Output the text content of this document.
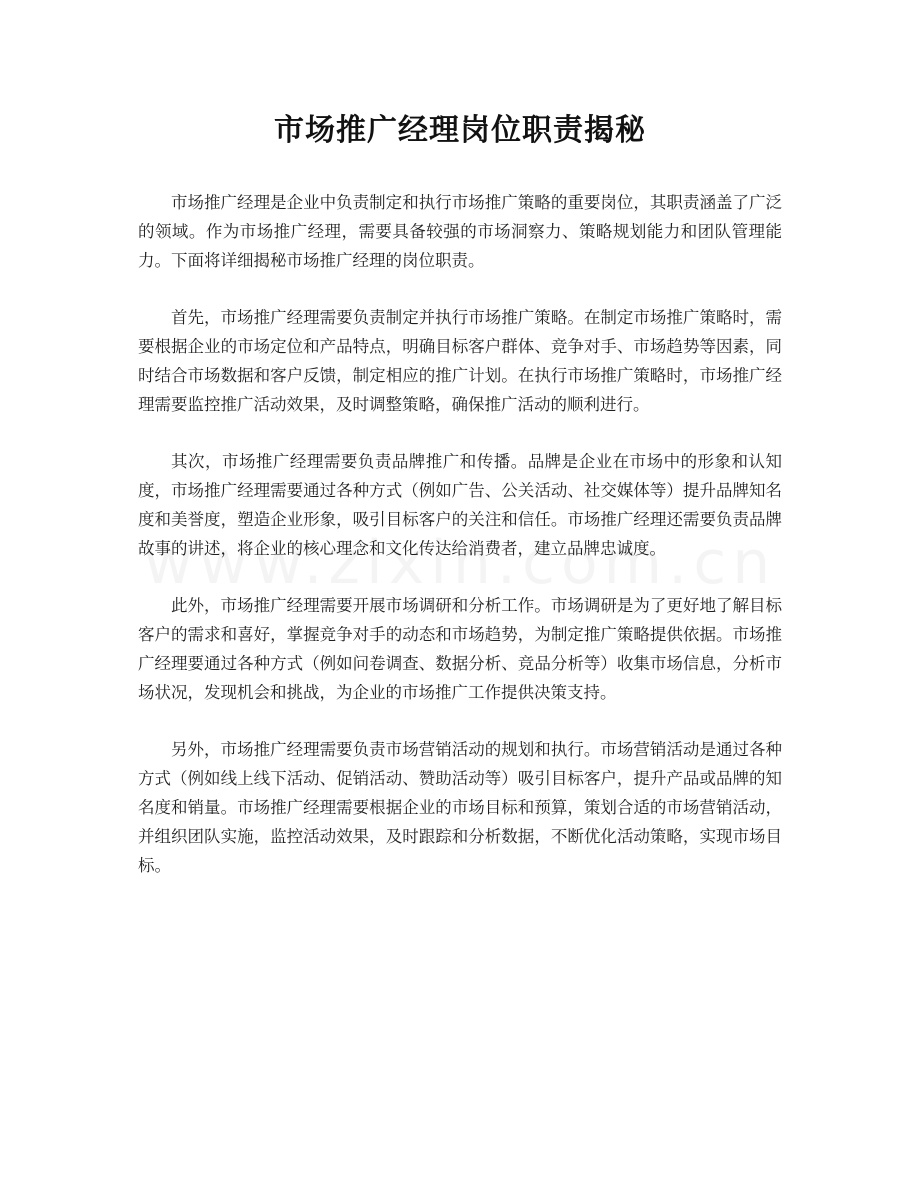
市场推广经理岗位职责揭秘

市场推广经理是企业中负责制定和执行市场推广策略的重要岗位，其职责涵盖了广泛的领域。作为市场推广经理，需要具备较强的市场洞察力、策略规划能力和团队管理能力。下面将详细揭秘市场推广经理的岗位职责。

首先，市场推广经理需要负责制定并执行市场推广策略。在制定市场推广策略时，需要根据企业的市场定位和产品特点，明确目标客户群体、竞争对手、市场趋势等因素，同时结合市场数据和客户反馈，制定相应的推广计划。在执行市场推广策略时，市场推广经理需要监控推广活动效果，及时调整策略，确保推广活动的顺利进行。

其次，市场推广经理需要负责品牌推广和传播。品牌是企业在市场中的形象和认知度，市场推广经理需要通过各种方式（例如广告、公关活动、社交媒体等）提升品牌知名度和美誉度，塑造企业形象，吸引目标客户的关注和信任。市场推广经理还需要负责品牌故事的讲述，将企业的核心理念和文化传达给消费者，建立品牌忠诚度。

此外，市场推广经理需要开展市场调研和分析工作。市场调研是为了更好地了解目标客户的需求和喜好，掌握竞争对手的动态和市场趋势，为制定推广策略提供依据。市场推广经理要通过各种方式（例如问卷调查、数据分析、竞品分析等）收集市场信息，分析市场状况，发现机会和挑战，为企业的市场推广工作提供决策支持。

另外，市场推广经理需要负责市场营销活动的规划和执行。市场营销活动是通过各种方式（例如线上线下活动、促销活动、赞助活动等）吸引目标客户，提升产品或品牌的知名度和销量。市场推广经理需要根据企业的市场目标和预算，策划合适的市场营销活动，并组织团队实施，监控活动效果，及时跟踪和分析数据，不断优化活动策略，实现市场目标。
